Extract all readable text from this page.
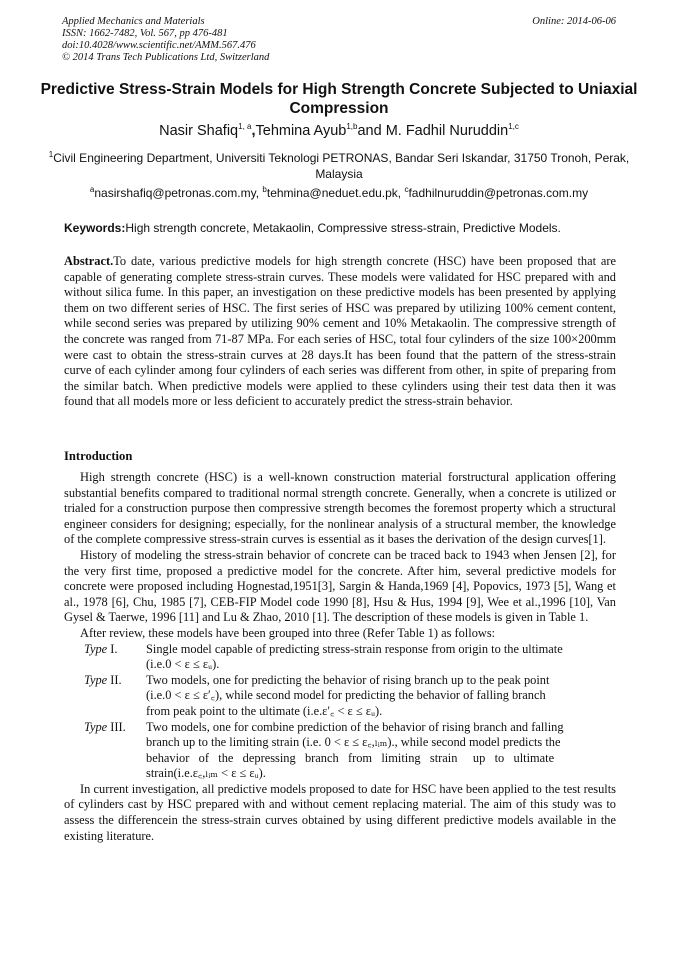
Applied Mechanics and Materials
ISSN: 1662-7482, Vol. 567, pp 476-481
doi:10.4028/www.scientific.net/AMM.567.476
© 2014 Trans Tech Publications Ltd, Switzerland
Online: 2014-06-06
Predictive Stress-Strain Models for High Strength Concrete Subjected to Uniaxial Compression
Nasir Shafiq$^{1, a}$,Tehmina Ayub$^{1,b}$and M. Fadhil Nuruddin$^{1,c}$
$^1$Civil Engineering Department, Universiti Teknologi PETRONAS, Bandar Seri Iskandar, 31750 Tronoh, Perak, Malaysia
$^a$nasirshafiq@petronas.com.my, $^b$tehmina@neduet.edu.pk, $^c$fadhilnuruddin@petronas.com.my
Keywords:High strength concrete, Metakaolin, Compressive stress-strain, Predictive Models.
Abstract.To date, various predictive models for high strength concrete (HSC) have been proposed that are capable of generating complete stress-strain curves. These models were validated for HSC prepared with and without silica fume. In this paper, an investigation on these predictive models has been presented by applying them on two different series of HSC. The first series of HSC was prepared by utilizing 100% cement content, while second series was prepared by utilizing 90% cement and 10% Metakaolin. The compressive strength of the concrete was ranged from 71-87 MPa. For each series of HSC, total four cylinders of the size 100×200mm were cast to obtain the stress-strain curves at 28 days.It has been found that the pattern of the stress-strain curve of each cylinder among four cylinders of each series was different from other, in spite of preparing from the similar batch. When predictive models were applied to these cylinders using their test data then it was found that all models more or less deficient to accurately predict the stress-strain behavior.
Introduction

High strength concrete (HSC) is a well-known construction material forstructural application offering substantial benefits compared to traditional normal strength concrete. Generally, when a concrete is utilized or trialed for a construction purpose then compressive strength becomes the foremost property which a structural engineer considers for designing; especially, for the nonlinear analysis of a structural member, the knowledge of the complete compressive stress-strain curves is essential as it bases the derivation of the design curves[1].

History of modeling the stress-strain behavior of concrete can be traced back to 1943 when Jensen [2], for the very first time, proposed a predictive model for the concrete. After him, several predictive models for concrete were proposed including Hognestad,1951[3], Sargin & Handa,1969 [4], Popovics, 1973 [5], Wang et al., 1978 [6], Chu, 1985 [7], CEB-FIP Model code 1990 [8], Hsu & Hus, 1994 [9], Wee et al.,1996 [10], Van Gysel & Taerwe, 1996 [11] and Lu & Zhao, 2010 [1]. The description of these models is given in Table 1.

After review, these models have been grouped into three (Refer Table 1) as follows:

Type I.	Single model capable of predicting stress-strain response from origin to the ultimate
(i.e.0 < ε ≤ εᵤ).
Type II.	Two models, one for predicting the behavior of rising branch up to the peak point
(i.e.0 < ε ≤ ε′꜀), while second model for predicting the behavior of falling branch
from peak point to the ultimate (i.e.ε′꜀ < ε ≤ εᵤ).
Type III.	Two models, one for combine prediction of the behavior of rising branch and falling
branch up to the limiting strain (i.e. 0 < ε ≤ ε꜀,ₗᵢₘ)., while second model predicts the
behavior   of   the   depressing   branch   from   limiting   strain     up   to   ultimate
strain(i.e.ε꜀,ₗᵢₘ < ε ≤ εᵤ).

In current investigation, all predictive models proposed to date for HSC have been applied to the test results of cylinders cast by HSC prepared with and without cement replacing material. The aim of this study was to assess the differencein the stress-strain curves obtained by using different predictive models available in the existing literature.
